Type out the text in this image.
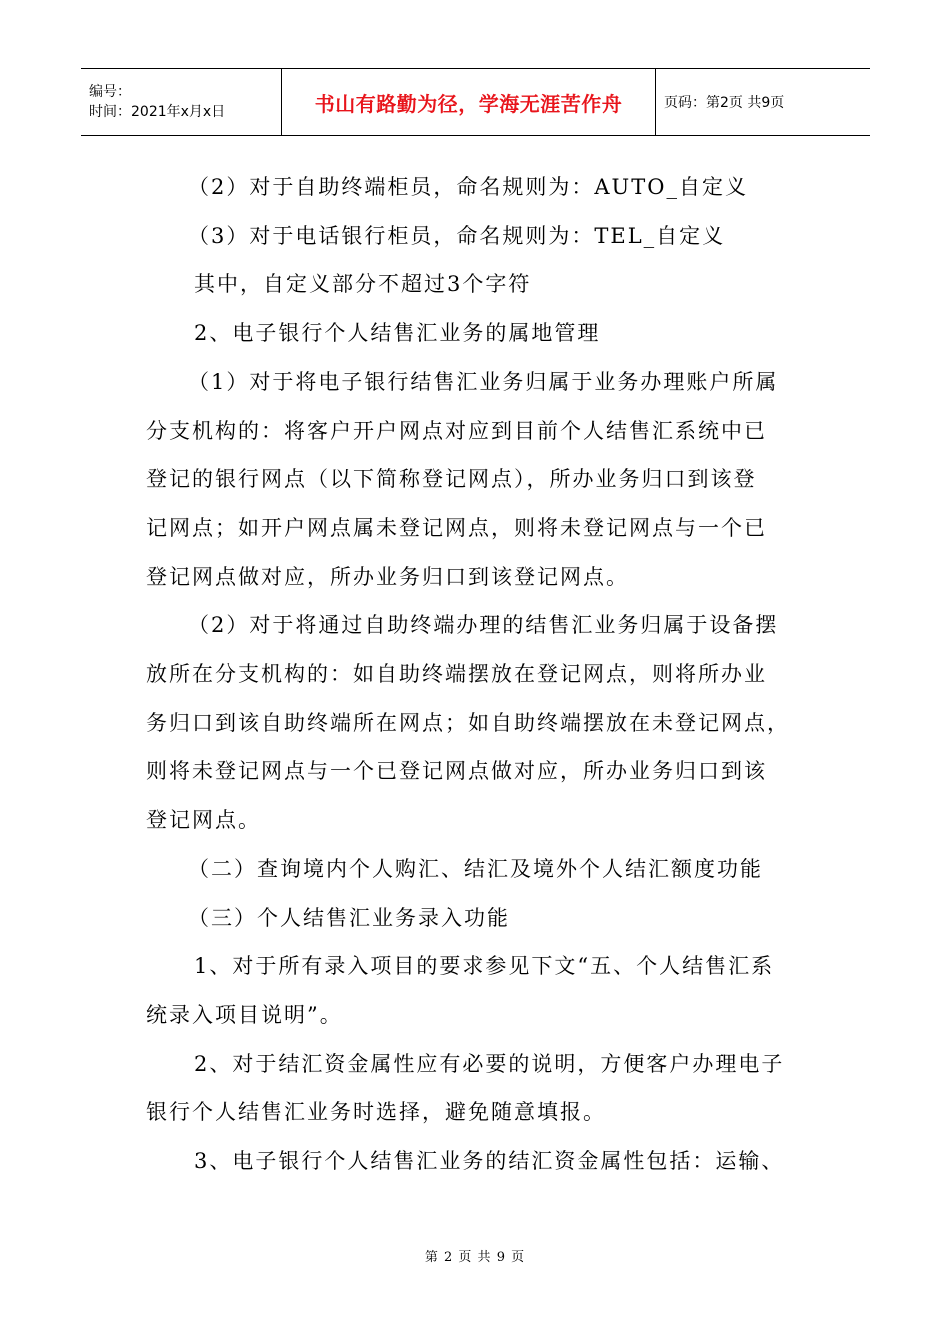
编号：
时间：2021年x月x日	书山有路勤为径，学海无涯苦作舟	页码：第2页 共9页

（2）对于自助终端柜员，命名规则为：AUTO_自定义

（3）对于电话银行柜员，命名规则为：TEL_自定义

其中，自定义部分不超过3个字符

2、电子银行个人结售汇业务的属地管理

（1）对于将电子银行结售汇业务归属于业务办理账户所属

分支机构的：将客户开户网点对应到目前个人结售汇系统中已

登记的银行网点（以下简称登记网点），所办业务归口到该登

记网点；如开户网点属未登记网点，则将未登记网点与一个已

登记网点做对应，所办业务归口到该登记网点。

（2）对于将通过自助终端办理的结售汇业务归属于设备摆

放所在分支机构的：如自助终端摆放在登记网点，则将所办业

务归口到该自助终端所在网点；如自助终端摆放在未登记网点，

则将未登记网点与一个已登记网点做对应，所办业务归口到该

登记网点。

（二）查询境内个人购汇、结汇及境外个人结汇额度功能

（三）个人结售汇业务录入功能

1、对于所有录入项目的要求参见下文“五、个人结售汇系

统录入项目说明”。

2、对于结汇资金属性应有必要的说明，方便客户办理电子

银行个人结售汇业务时选择，避免随意填报。

3、电子银行个人结售汇业务的结汇资金属性包括：运输、

第 2 页 共 9 页
